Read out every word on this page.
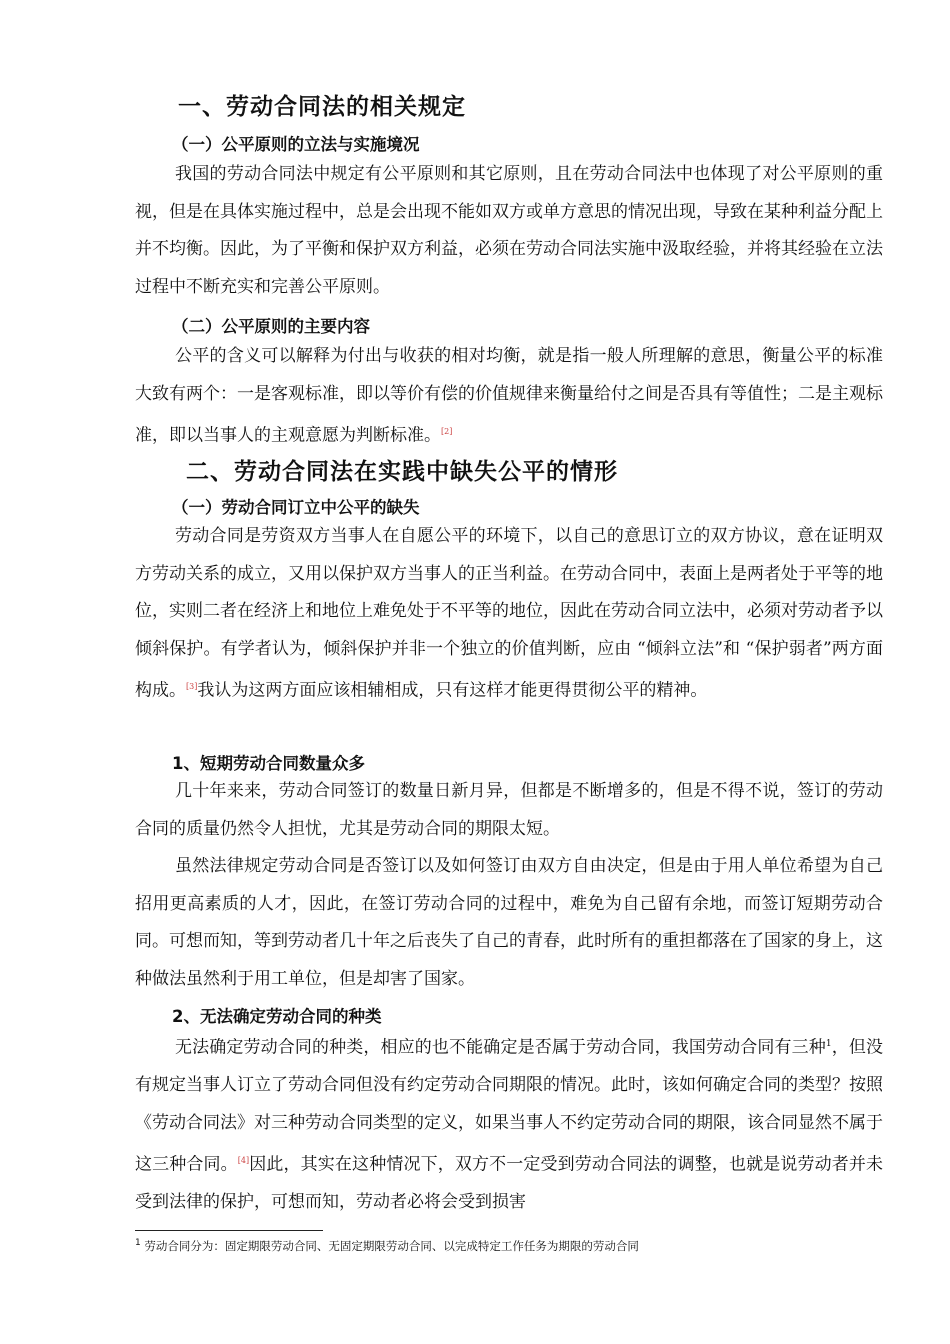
一、劳动合同法的相关规定
（一）公平原则的立法与实施境况

我国的劳动合同法中规定有公平原则和其它原则，且在劳动合同法中也体现了对公平原则的重视，但是在具体实施过程中，总是会出现不能如双方或单方意思的情况出现，导致在某种利益分配上并不均衡。因此，为了平衡和保护双方利益，必须在劳动合同法实施中汲取经验，并将其经验在立法过程中不断充实和完善公平原则。

（二）公平原则的主要内容

公平的含义可以解释为付出与收获的相对均衡，就是指一般人所理解的意思，衡量公平的标准大致有两个：一是客观标准，即以等价有偿的价值规律来衡量给付之间是否具有等值性；二是主观标准，即以当事人的主观意愿为判断标准。[2]

二、劳动合同法在实践中缺失公平的情形
（一）劳动合同订立中公平的缺失

劳动合同是劳资双方当事人在自愿公平的环境下，以自己的意思订立的双方协议，意在证明双方劳动关系的成立，又用以保护双方当事人的正当利益。在劳动合同中，表面上是两者处于平等的地位，实则二者在经济上和地位上难免处于不平等的地位，因此在劳动合同立法中，必须对劳动者予以倾斜保护。有学者认为，倾斜保护并非一个独立的价值判断，应由 “倾斜立法”和 “保护弱者”两方面构成。[3]我认为这两方面应该相辅相成，只有这样才能更得贯彻公平的精神。

1、短期劳动合同数量众多

几十年来来，劳动合同签订的数量日新月异，但都是不断增多的，但是不得不说，签订的劳动合同的质量仍然令人担忧，尤其是劳动合同的期限太短。

虽然法律规定劳动合同是否签订以及如何签订由双方自由决定，但是由于用人单位希望为自己招用更高素质的人才，因此，在签订劳动合同的过程中，难免为自己留有余地，而签订短期劳动合同。可想而知，等到劳动者几十年之后丧失了自己的青春，此时所有的重担都落在了国家的身上，这种做法虽然利于用工单位，但是却害了国家。

2、无法确定劳动合同的种类

无法确定劳动合同的种类，相应的也不能确定是否属于劳动合同，我国劳动合同有三种$^1$，但没有规定当事人订立了劳动合同但没有约定劳动合同期限的情况。此时，该如何确定合同的类型？按照《劳动合同法》对三种劳动合同类型的定义，如果当事人不约定劳动合同的期限，该合同显然不属于这三种合同。[4]因此，其实在这种情况下，双方不一定受到劳动合同法的调整，也就是说劳动者并未受到法律的保护，可想而知，劳动者必将会受到损害

$^1$ 劳动合同分为：固定期限劳动合同、无固定期限劳动合同、以完成特定工作任务为期限的劳动合同
